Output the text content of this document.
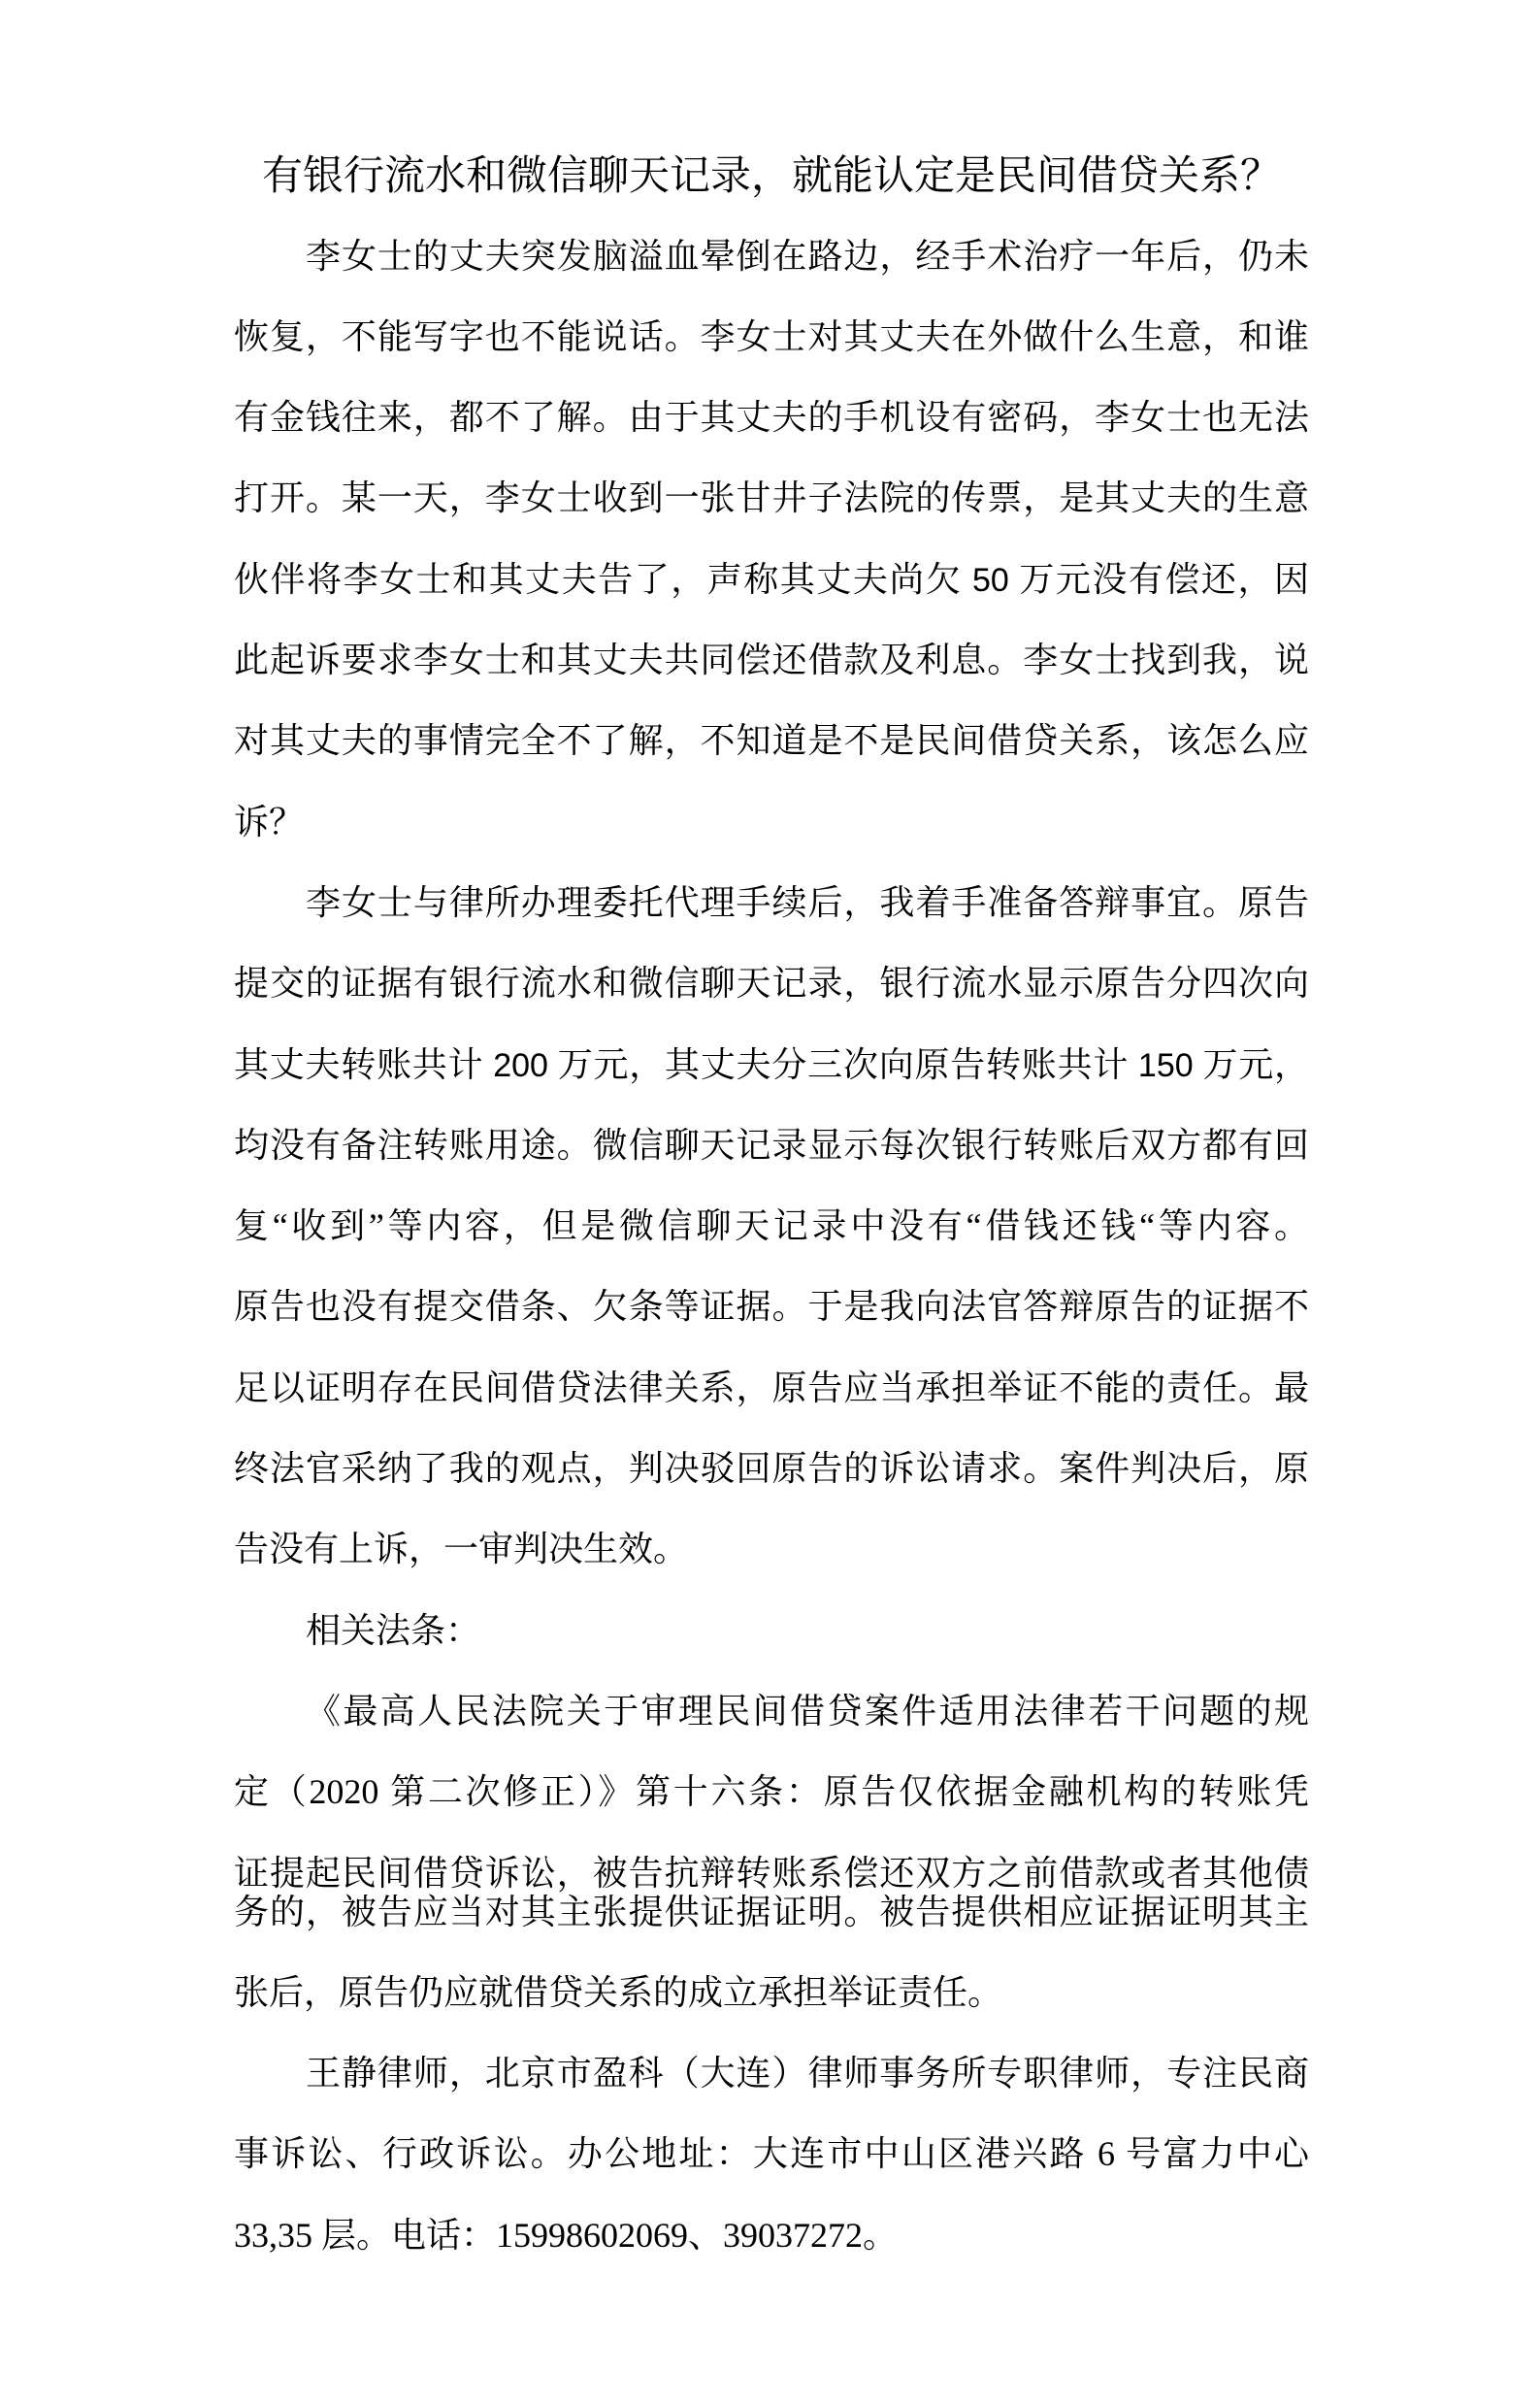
有银行流水和微信聊天记录，就能认定是民间借贷关系？
李女士的丈夫突发脑溢血晕倒在路边，经手术治疗一年后，仍未
恢复，不能写字也不能说话。李女士对其丈夫在外做什么生意，和谁
有金钱往来，都不了解。由于其丈夫的手机设有密码，李女士也无法
打开。某一天，李女士收到一张甘井子法院的传票，是其丈夫的生意
伙伴将李女士和其丈夫告了，声称其丈夫尚欠 50 万元没有偿还，因
此起诉要求李女士和其丈夫共同偿还借款及利息。李女士找到我，说
对其丈夫的事情完全不了解，不知道是不是民间借贷关系，该怎么应
诉？
李女士与律所办理委托代理手续后，我着手准备答辩事宜。原告
提交的证据有银行流水和微信聊天记录，银行流水显示原告分四次向
其丈夫转账共计 200 万元，其丈夫分三次向原告转账共计 150 万元，
均没有备注转账用途。微信聊天记录显示每次银行转账后双方都有回
复“收到”等内容，但是微信聊天记录中没有“借钱还钱“等内容。
原告也没有提交借条、欠条等证据。于是我向法官答辩原告的证据不
足以证明存在民间借贷法律关系，原告应当承担举证不能的责任。最
终法官采纳了我的观点，判决驳回原告的诉讼请求。案件判决后，原
告没有上诉，一审判决生效。
相关法条：
《最高人民法院关于审理民间借贷案件适用法律若干问题的规
定（2020 第二次修正）》第十六条：原告仅依据金融机构的转账凭
证提起民间借贷诉讼，被告抗辩转账系偿还双方之前借款或者其他债
务的，被告应当对其主张提供证据证明。被告提供相应证据证明其主
张后，原告仍应就借贷关系的成立承担举证责任。
王静律师，北京市盈科（大连）律师事务所专职律师，专注民商
事诉讼、行政诉讼。办公地址：大连市中山区港兴路 6 号富力中心
33,35 层。电话：15998602069、39037272。
